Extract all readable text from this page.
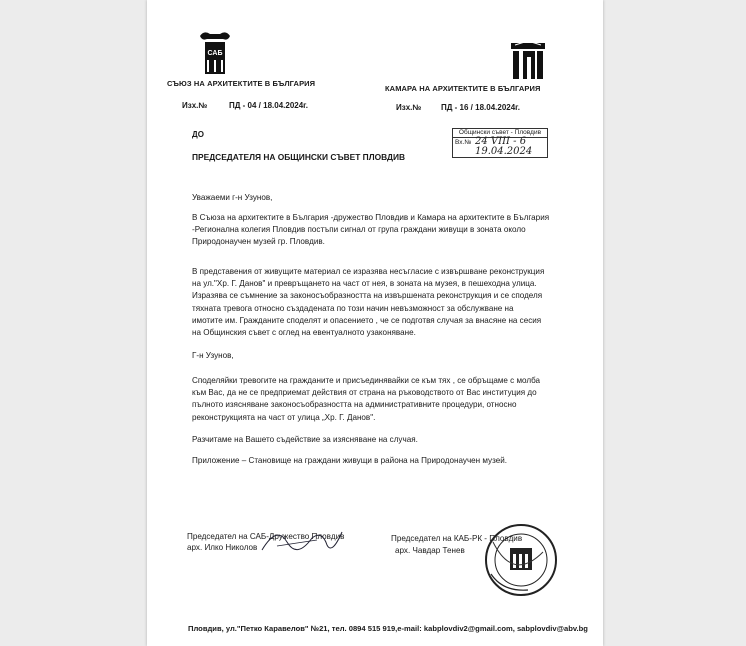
САБ
СЪЮЗ НА АРХИТЕКТИТЕ В БЪЛГАРИЯ
КАМАРА НА АРХИТЕКТИТЕ В БЪЛГАРИЯ
Изх.№	ПД - 04 / 18.04.2024г.	Изх.№ ПД - 16 / 18.04.2024г.
Общински съвет - Пловдив
Вх.№ 24 VIII - 6
19.04.2024
ДО
ПРЕДСЕДАТЕЛЯ НА ОБЩИНСКИ СЪВЕТ ПЛОВДИВ
Уважаеми г-н Узунов,
В Съюза на архитектите в България -дружество Пловдив и Камара на архитектите в България
-Регионална колегия Пловдив постъпи сигнал от група граждани живущи в зоната около
Природонаучен музей гр. Пловдив.
В представения от живущите материал се изразява несъгласие с извършване реконструкция
на ул."Хр. Г. Данов" и превръщането на част от нея, в зоната на музея, в пешеходна улица.
Изразява се съмнение за законосъобразността на извършената реконструкция и се споделя
тяхната тревога относно създадената по този начин невъзможност за обслужване на
имотите им. Гражданите споделят и опасението , че се подготвя случая за внасяне на сесия
на Общинския съвет с оглед на евентуалното узаконяване.
Г-н Узунов,
Споделяйки тревогите на гражданите и присъединявайки се към тях , се обръщаме с молба
към Вас, да не се предприемат действия от страна на ръководството от Вас институция до
пълното изясняване законосъобразността на административните процедури, относно
реконструкцията на част от улица „Хр. Г. Данов".
Разчитаме на Вашето съдействие за изясняване на случая.
Приложение – Становище на граждани живущи в района на Природонаучен музей.
Председател на САБ-Дружество Пловдив
арх. Илко Николов
Председател на КАБ-РК - Пловдив
арх. Чавдар Тенев
Пловдив, ул."Петко Каравелов" №21, тел. 0894 515 919,e-mail: kabplovdiv2@gmail.com, sabplovdiv@abv.bg
